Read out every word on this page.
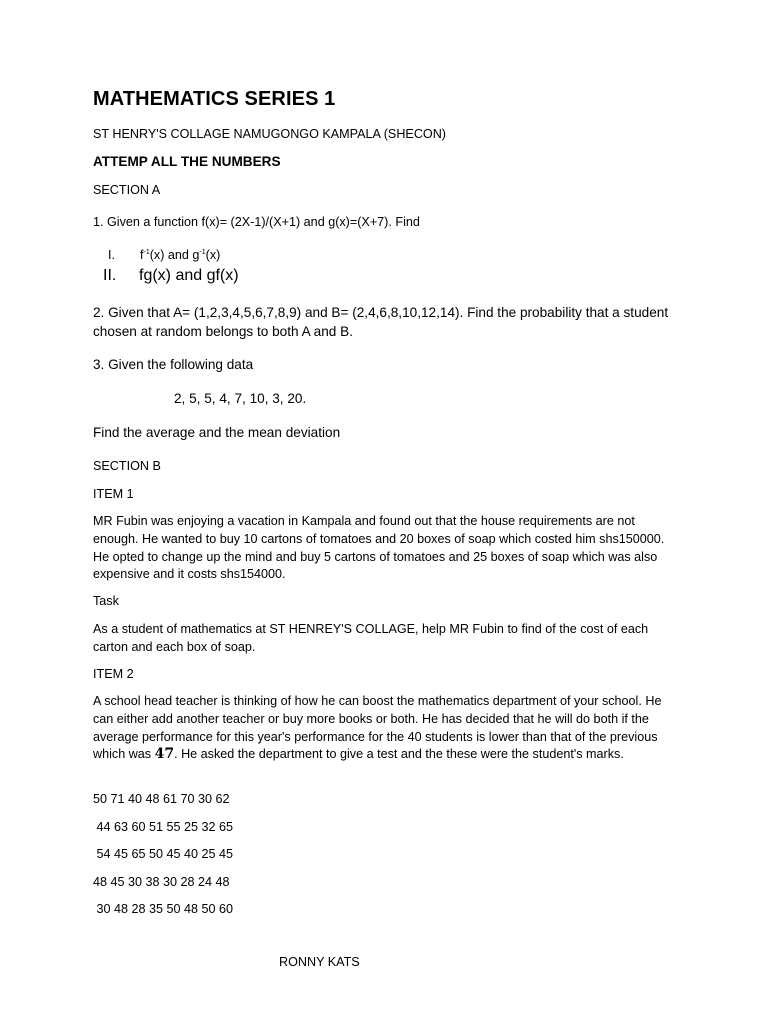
MATHEMATICS SERIES 1

ST HENRY'S COLLAGE NAMUGONGO KAMPALA (SHECON)

ATTEMP ALL THE NUMBERS

SECTION A

1. Given a function f(x)= (2X-1)/(X+1) and g(x)=(X+7). Find

I. $f^{-1}(x)$ and $g^{-1}(x)$
II. fg(x) and gf(x)

2. Given that A= (1,2,3,4,5,6,7,8,9) and B= (2,4,6,8,10,12,14). Find the probability that a student chosen at random belongs to both A and B.

3. Given the following data

2, 5, 5, 4, 7, 10, 3, 20.

Find the average and the mean deviation

SECTION B

ITEM 1

MR Fubin was enjoying a vacation in Kampala and found out that the house requirements are not enough. He wanted to buy 10 cartons of tomatoes and 20 boxes of soap which costed him shs150000. He opted to change up the mind and buy 5 cartons of tomatoes and 25 boxes of soap which was also expensive and it costs shs154000.

Task

As a student of mathematics at ST HENREY'S COLLAGE, help MR Fubin to find of the cost of each carton and each box of soap.

ITEM 2

A school head teacher is thinking of how he can boost the mathematics department of your school. He can either add another teacher or buy more books or both. He has decided that he will do both if the average performance for this year's performance for the 40 students is lower than that of the previous which was 47. He asked the department to give a test and the these were the student's marks.

50 71 40 48 61 70 30 62

44 63 60 51 55 25 32 65

54 45 65 50 45 40 25 45

48 45 30 38 30 28 24 48

30 48 28 35 50 48 50 60

RONNY KATS
